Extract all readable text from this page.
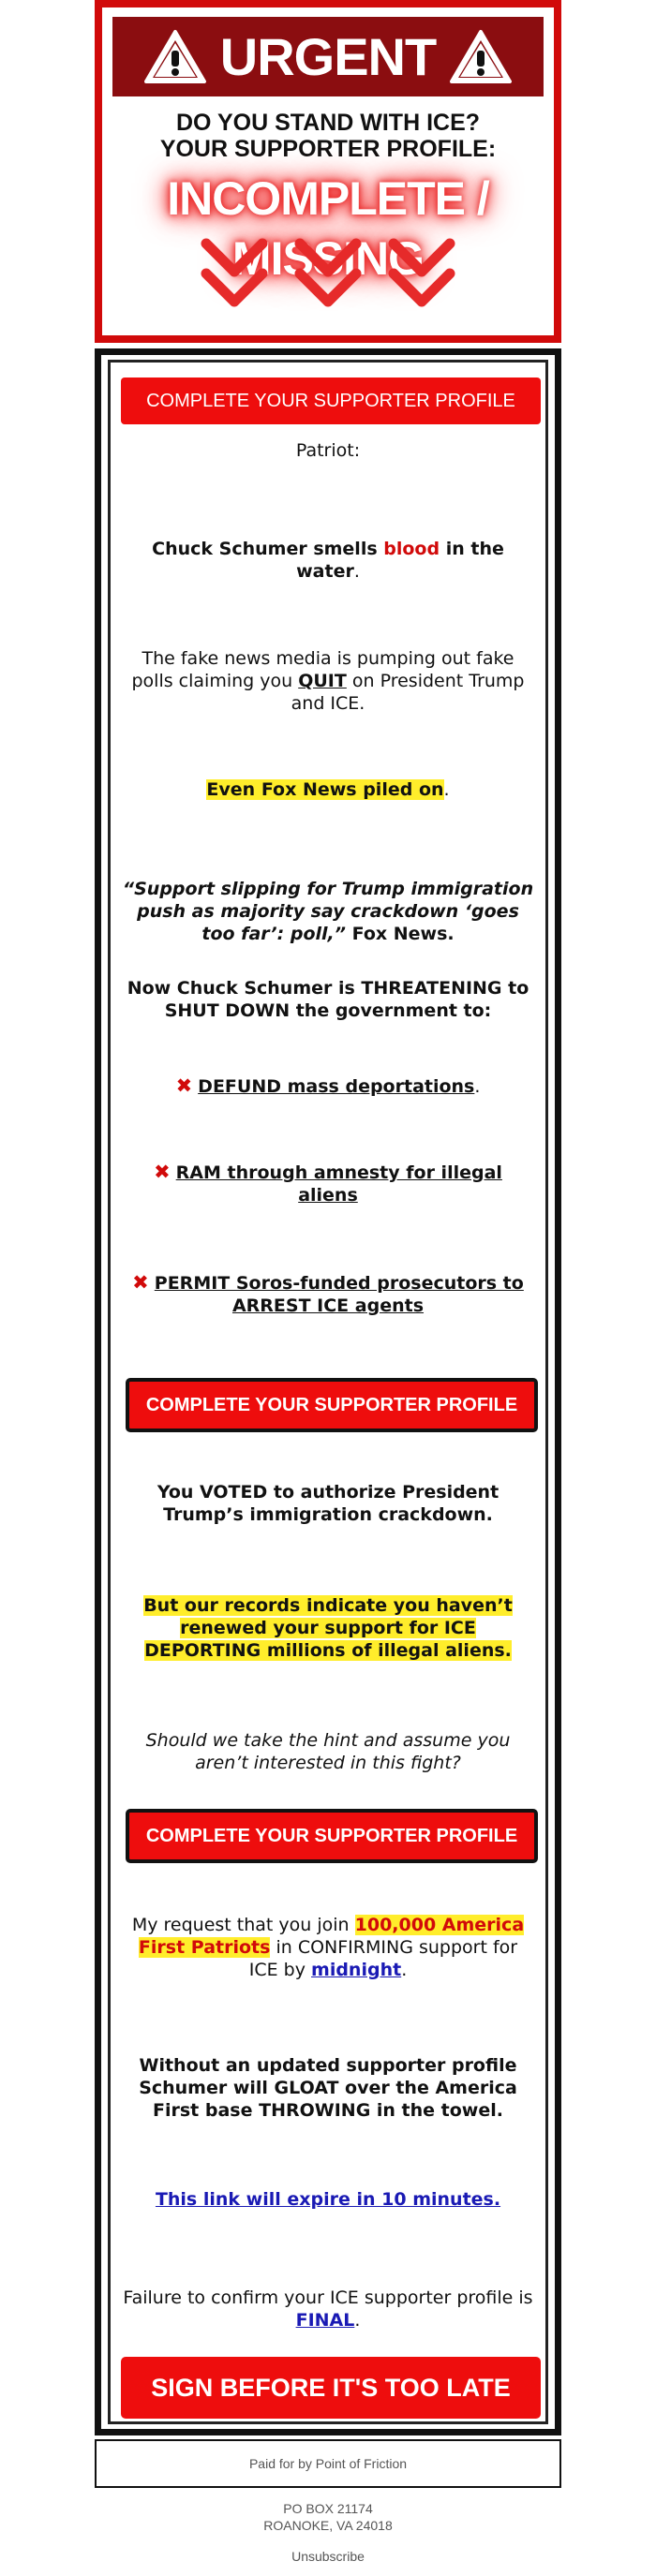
URGENT
DO YOU STAND WITH ICE?
YOUR SUPPORTER PROFILE:
INCOMPLETE / MISSING
COMPLETE YOUR SUPPORTER PROFILE
Patriot:
Chuck Schumer smells blood in the water.
The fake news media is pumping out fake polls claiming you QUIT on President Trump and ICE.
Even Fox News piled on.
“Support slipping for Trump immigration push as majority say crackdown ‘goes too far’: poll,” Fox News.
Now Chuck Schumer is THREATENING to SHUT DOWN the government to:
✖ DEFUND mass deportations.
✖ RAM through amnesty for illegal aliens
✖ PERMIT Soros-funded prosecutors to ARREST ICE agents
COMPLETE YOUR SUPPORTER PROFILE
You VOTED to authorize President Trump’s immigration crackdown.
But our records indicate you haven’t renewed your support for ICE DEPORTING millions of illegal aliens.
Should we take the hint and assume you aren’t interested in this fight?
COMPLETE YOUR SUPPORTER PROFILE
My request that you join 100,000 America First Patriots in CONFIRMING support for ICE by midnight.
Without an updated supporter profile Schumer will GLOAT over the America First base THROWING in the towel.
This link will expire in 10 minutes.
Failure to confirm your ICE supporter profile is FINAL.
SIGN BEFORE IT'S TOO LATE
Paid for by Point of Friction
PO BOX 21174
ROANOKE, VA 24018
Unsubscribe
